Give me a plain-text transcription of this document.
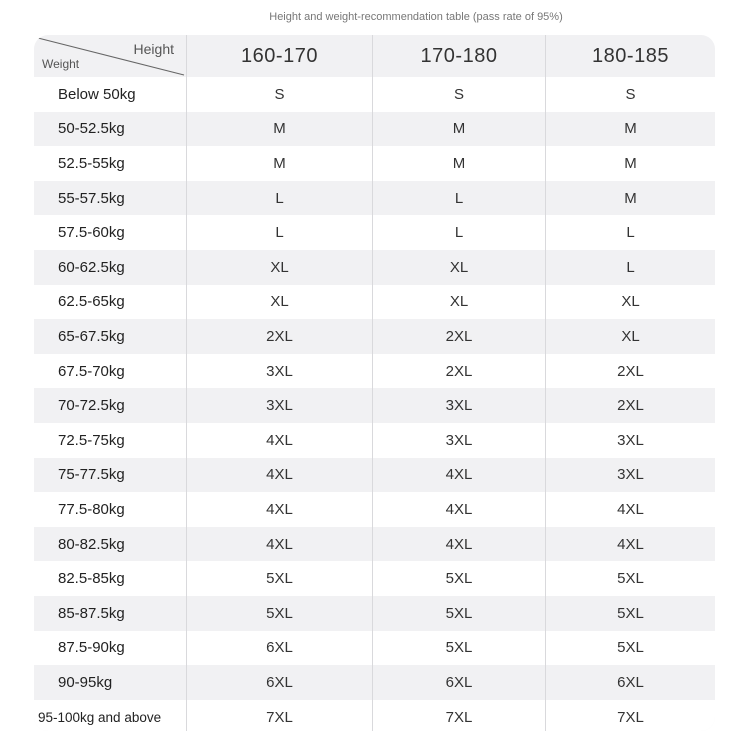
Height and weight-recommendation table (pass rate of 95%)
Height
Weight	160-170	170-180	180-185
Below 50kg	S	S	S
50-52.5kg	M	M	M
52.5-55kg	M	M	M
55-57.5kg	L	L	M
57.5-60kg	L	L	L
60-62.5kg	XL	XL	L
62.5-65kg	XL	XL	XL
65-67.5kg	2XL	2XL	XL
67.5-70kg	3XL	2XL	2XL
70-72.5kg	3XL	3XL	2XL
72.5-75kg	4XL	3XL	3XL
75-77.5kg	4XL	4XL	3XL
77.5-80kg	4XL	4XL	4XL
80-82.5kg	4XL	4XL	4XL
82.5-85kg	5XL	5XL	5XL
85-87.5kg	5XL	5XL	5XL
87.5-90kg	6XL	5XL	5XL
90-95kg	6XL	6XL	6XL
95-100kg and above	7XL	7XL	7XL
